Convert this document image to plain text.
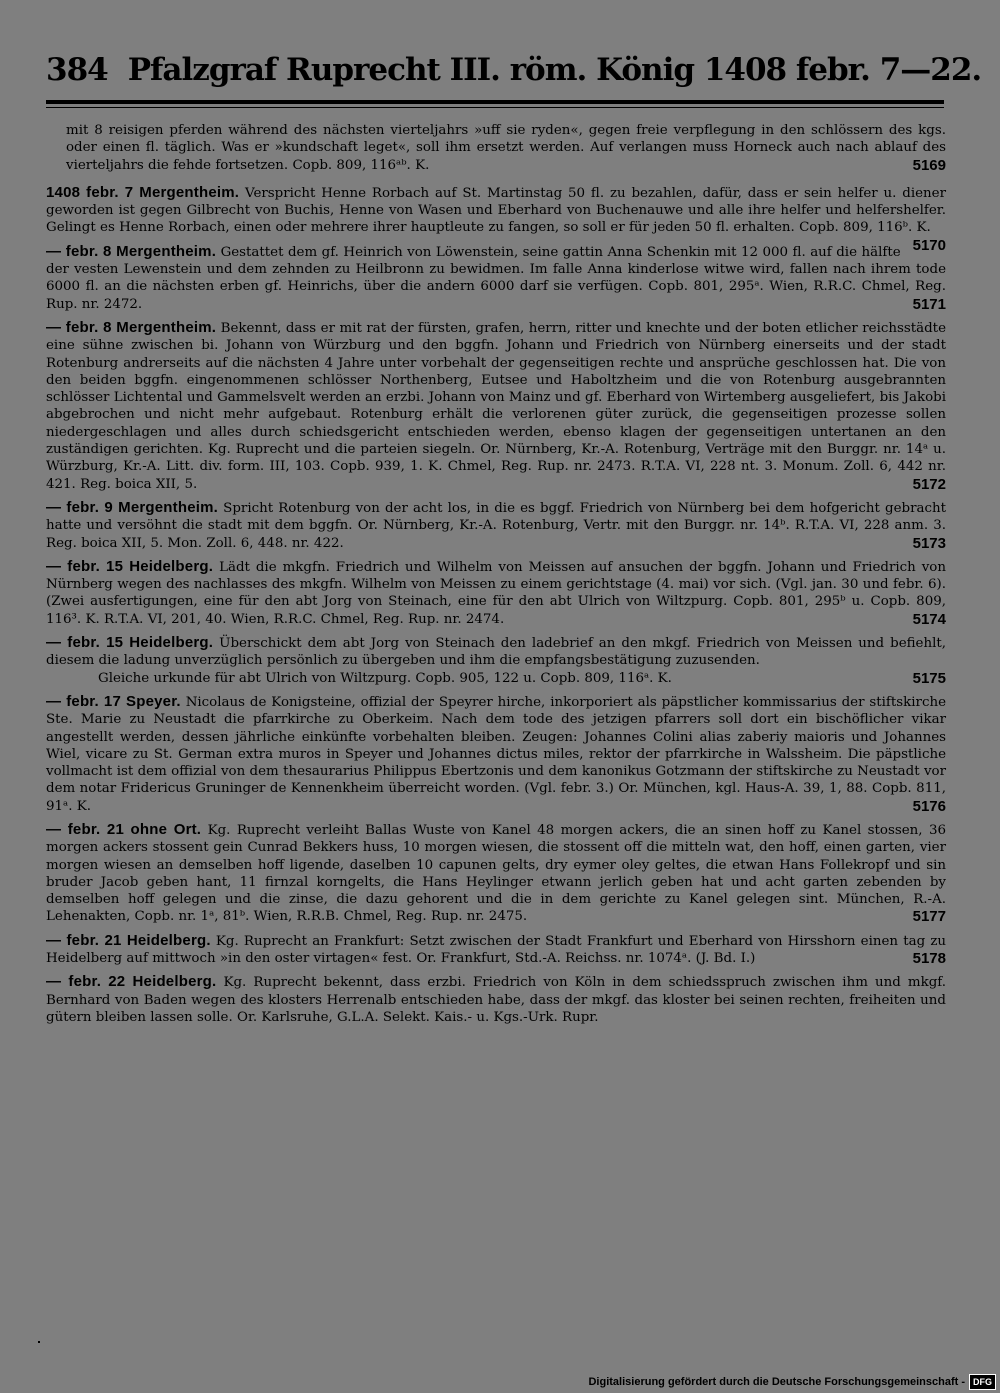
384 Pfalzgraf Ruprecht III. röm. König 1408 febr. 7—22.
mit 8 reisigen pferden während des nächsten vierteljahrs »uff sie ryden«, gegen freie verpflegung in den schlössern des kgs. oder einen fl. täglich. Was er »kundschaft leget«, soll ihm ersetzt werden. Auf verlangen muss Horneck auch nach ablauf des vierteljahrs die fehde fortsetzen. Copb. 809, 116ᵃᵇ. K.	5169
1408 febr. 7 Mergentheim. Verspricht Henne Rorbach auf St. Martinstag 50 fl. zu bezahlen, dafür, dass er sein helfer u. diener geworden ist gegen Gilbrecht von Buchis, Henne von Wasen und Eberhard von Buchenauwe und alle ihre helfer und helfershelfer. Gelingt es Henne Rorbach, einen oder mehrere ihrer hauptleute zu fangen, so soll er für jeden 50 fl. erhalten. Copb. 809, 116ᵇ. K.
5170
— febr. 8 Mergentheim. Gestattet dem gf. Heinrich von Löwenstein, seine gattin Anna Schenkin mit 12 000 fl. auf die hälfte der vesten Lewenstein und dem zehnden zu Heilbronn zu bewidmen. Im falle Anna kinderlose witwe wird, fallen nach ihrem tode 6000 fl. an die nächsten erben gf. Heinrichs, über die andern 6000 darf sie verfügen. Copb. 801, 295ᵃ. Wien, R.R.C. Chmel, Reg. Rup. nr. 2472.	5171
— febr. 8 Mergentheim. Bekennt, dass er mit rat der fürsten, grafen, herrn, ritter und knechte und der boten etlicher reichsstädte eine sühne zwischen bi. Johann von Würzburg und den bggfn. Johann und Friedrich von Nürnberg einerseits und der stadt Rotenburg andrerseits auf die nächsten 4 Jahre unter vorbehalt der gegenseitigen rechte und ansprüche geschlossen hat. Die von den beiden bggfn. eingenommenen schlösser Northenberg, Eutsee und Haboltzheim und die von Rotenburg ausgebrannten schlösser Lichtental und Gammelsvelt werden an erzbi. Johann von Mainz und gf. Eberhard von Wirtemberg ausgeliefert, bis Jakobi abgebrochen und nicht mehr aufgebaut. Rotenburg erhält die verlorenen güter zurück, die gegenseitigen prozesse sollen niedergeschlagen und alles durch schiedsgericht entschieden werden, ebenso klagen der gegenseitigen untertanen an den zuständigen gerichten. Kg. Ruprecht und die parteien siegeln. Or. Nürnberg, Kr.-A. Rotenburg, Verträge mit den Burggr. nr. 14ᵃ u. Würzburg, Kr.-A. Litt. div. form. III, 103. Copb. 939, 1. K. Chmel, Reg. Rup. nr. 2473. R.T.A. VI, 228 nt. 3. Monum. Zoll. 6, 442 nr. 421. Reg. boica XII, 5.	5172
— febr. 9 Mergentheim. Spricht Rotenburg von der acht los, in die es bggf. Friedrich von Nürnberg bei dem hofgericht gebracht hatte und versöhnt die stadt mit dem bggfn. Or. Nürnberg, Kr.-A. Rotenburg, Vertr. mit den Burggr. nr. 14ᵇ. R.T.A. VI, 228 anm. 3. Reg. boica XII, 5. Mon. Zoll. 6, 448. nr. 422.	5173
— febr. 15 Heidelberg. Lädt die mkgfn. Friedrich und Wilhelm von Meissen auf ansuchen der bggfn. Johann und Friedrich von Nürnberg wegen des nachlasses des mkgfn. Wilhelm von Meissen zu einem gerichtstage (4. mai) vor sich. (Vgl. jan. 30 und febr. 6). (Zwei ausfertigungen, eine für den abt Jorg von Steinach, eine für den abt Ulrich von Wiltzpurg. Copb. 801, 295ᵇ u. Copb. 809, 116³. K. R.T.A. VI, 201, 40. Wien, R.R.C. Chmel, Reg. Rup. nr. 2474.	5174
— febr. 15 Heidelberg. Überschickt dem abt Jorg von Steinach den ladebrief an den mkgf. Friedrich von Meissen und befiehlt, diesem die ladung unverzüglich persönlich zu übergeben und ihm die empfangsbestätigung zuzusenden.
Gleiche urkunde für abt Ulrich von Wiltzpurg. Copb. 905, 122 u. Copb. 809, 116ᵃ. K.	5175
— febr. 17 Speyer. Nicolaus de Konigsteine, offizial der Speyrer hirche, inkorporiert als päpstlicher kommissarius der stiftskirche Ste. Marie zu Neustadt die pfarrkirche zu Oberkeim. Nach dem tode des jetzigen pfarrers soll dort ein bischöflicher vikar angestellt werden, dessen jährliche einkünfte vorbehalten bleiben. Zeugen: Johannes Colini alias zaberiy maioris und Johannes Wiel, vicare zu St. German extra muros in Speyer und Johannes dictus miles, rektor der pfarrkirche in Walssheim. Die päpstliche vollmacht ist dem offizial von dem thesaurarius Philippus Ebertzonis und dem kanonikus Gotzmann der stiftskirche zu Neustadt vor dem notar Fridericus Gruninger de Kennenkheim überreicht worden. (Vgl. febr. 3.) Or. München, kgl. Haus-A. 39, 1, 88. Copb. 811, 91ᵃ. K.	5176
— febr. 21 ohne Ort. Kg. Ruprecht verleiht Ballas Wuste von Kanel 48 morgen ackers, die an sinen hoff zu Kanel stossen, 36 morgen ackers stossent gein Cunrad Bekkers huss, 10 morgen wiesen, die stossent off die mitteln wat, den hoff, einen garten, vier morgen wiesen an demselben hoff ligende, daselben 10 capunen gelts, dry eymer oley geltes, die etwan Hans Follekropf und sin bruder Jacob geben hant, 11 firnzal korngelts, die Hans Heylinger etwann jerlich geben hat und acht garten zebenden by demselben hoff gelegen und die zinse, die dazu gehorent und die in dem gerichte zu Kanel gelegen sint. München, R.-A. Lehenakten, Copb. nr. 1ᵃ, 81ᵇ. Wien, R.R.B. Chmel, Reg. Rup. nr. 2475.	5177
— febr. 21 Heidelberg. Kg. Ruprecht an Frankfurt: Setzt zwischen der Stadt Frankfurt und Eberhard von Hirsshorn einen tag zu Heidelberg auf mittwoch »in den oster virtagen« fest. Or. Frankfurt, Std.-A. Reichss. nr. 1074ᵃ. (J. Bd. I.)	5178
— febr. 22 Heidelberg. Kg. Ruprecht bekennt, dass erzbi. Friedrich von Köln in dem schiedsspruch zwischen ihm und mkgf. Bernhard von Baden wegen des klosters Herrenalb entschieden habe, dass der mkgf. das kloster bei seinen rechten, freiheiten und gütern bleiben lassen solle. Or. Karlsruhe, G.L.A. Selekt. Kais.- u. Kgs.-Urk. Rupr.
Digitalisierung gefördert durch die Deutsche Forschungsgemeinschaft - DFG
